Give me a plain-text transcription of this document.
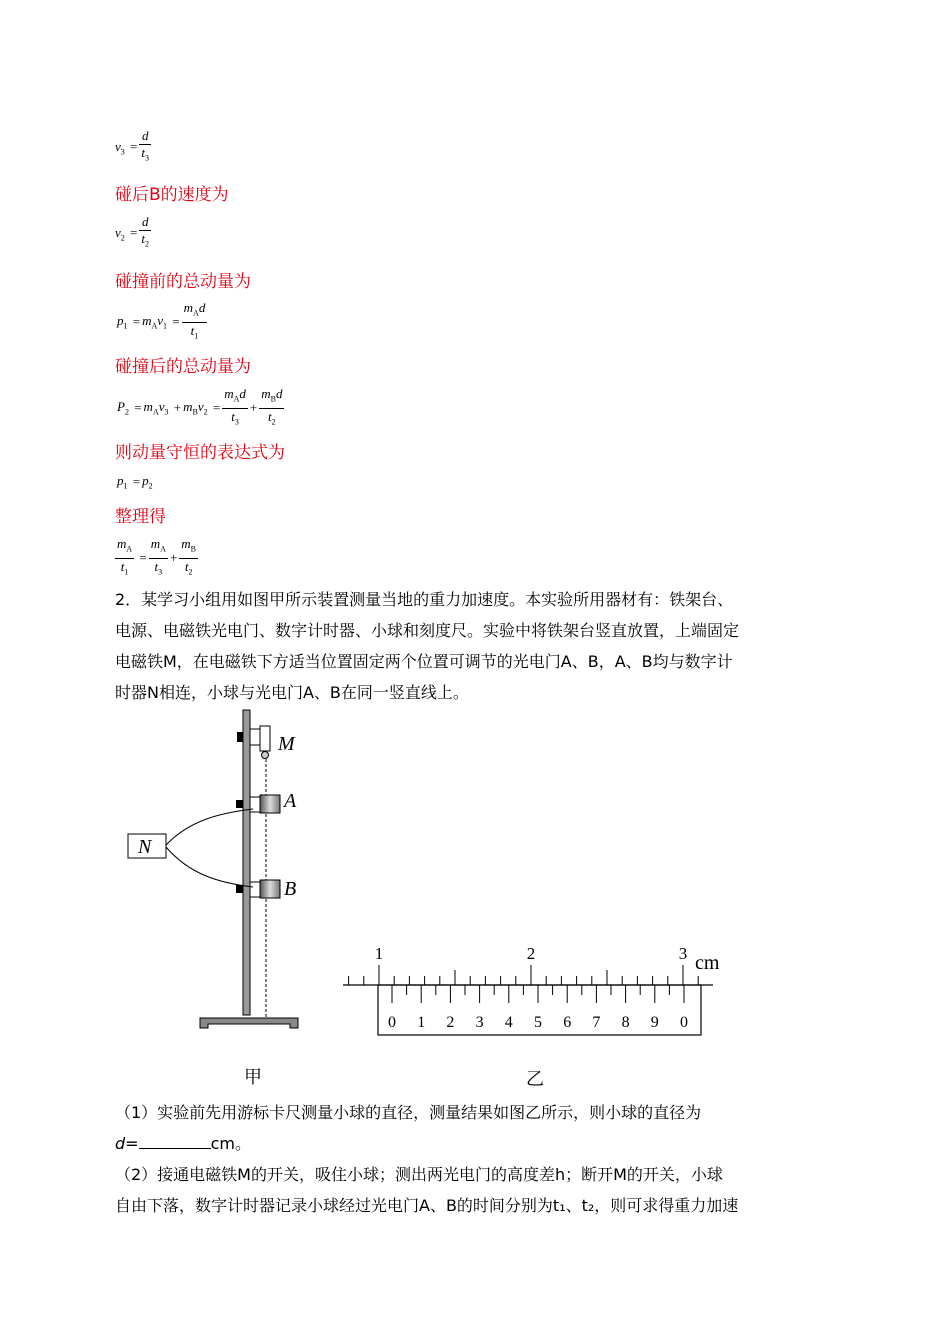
$v_3 = \frac{d}{t_3}$
碰后B的速度为
$v_2 = \frac{d}{t_2}$
碰撞前的总动量为
$p_1 = m_Av_1 = \frac{m_Ad}{t_1}$
碰撞后的总动量为
$P_2 = m_Av_3 + m_Bv_2 = \frac{m_Ad}{t_3} + \frac{m_Bd}{t_2}$
则动量守恒的表达式为
$p_1 = p_2$
整理得
$\frac{m_A}{t_1} = \frac{m_A}{t_3} + \frac{m_B}{t_2}$
2．某学习小组用如图甲所示装置测量当地的重力加速度。本实验所用器材有：铁架台、
电源、电磁铁光电门、数字计时器、小球和刻度尺。实验中将铁架台竖直放置，上端固定
电磁铁M，在电磁铁下方适当位置固定两个位置可调节的光电门A、B，A、B均与数字计
时器N相连，小球与光电门A、B在同一竖直线上。
M
A
B
N
甲
1	2	3 cm
0 1 2 3 4 5 6 7 8 9 0
乙
（1）实验前先用游标卡尺测量小球的直径，测量结果如图乙所示，则小球的直径为
d=	cm。
（2）接通电磁铁M的开关，吸住小球；测出两光电门的高度差h；断开M的开关，小球
自由下落，数字计时器记录小球经过光电门A、B的时间分别为t₁、t₂，则可求得重力加速
